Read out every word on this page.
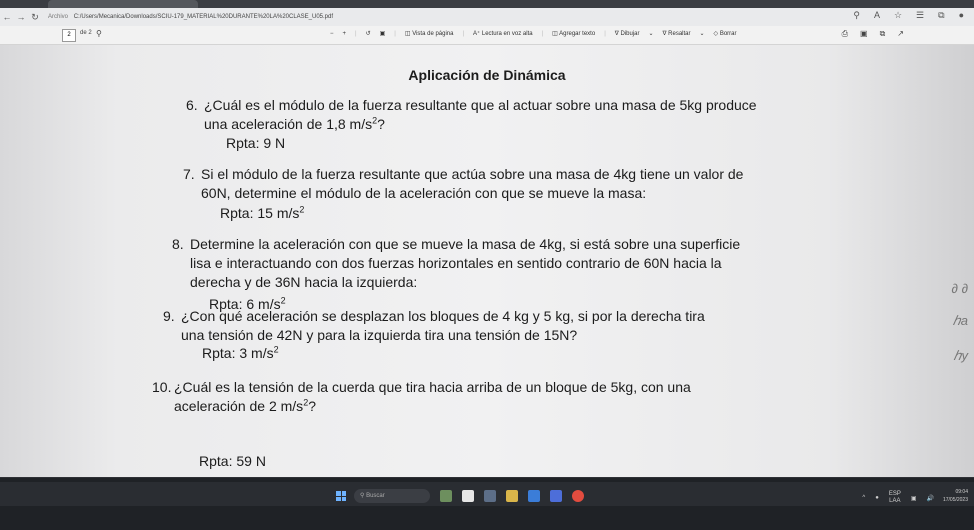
← → ↻	Archivo C:/Users/Mecanica/Downloads/SCIU-179_MATERIAL%20DURANTE%20LA%20CLASE_U05.pdf	⚲ A ☆ ☰ ⧉ ●
2	de 2 ⚲	− + | ↺ ▣ | ◫ Vista de página | A⁺ Lectura en voz alta | ◫ Agregar texto | ∇ Dibujar ⌄ ∇ Resaltar ⌄ ◇ Borrar	⎙ ▣ ⧉ ↗
Aplicación de Dinámica
6. ¿Cuál es el módulo de la fuerza resultante que al actuar sobre una masa de 5kg produce
una aceleración de 1,8 $m/s^2$?
Rpta: 9 N
7. Si el módulo de la fuerza resultante que actúa sobre una masa de 4kg tiene un valor de
60N, determine el módulo de la aceleración con que se mueve la masa:
Rpta: 15 $m/s^2$
8. Determine la aceleración con que se mueve la masa de 4kg, si está sobre una superficie
lisa e interactuando con dos fuerzas horizontales en sentido contrario de 60N hacia la
derecha y de 36N hacia la izquierda:
Rpta: 6 $m/s^2$
9. ¿Con qué aceleración se desplazan los bloques de 4 kg y 5 kg, si por la derecha tira
una tensión de 42N y para la izquierda tira una tensión de 15N?
Rpta: 3 $m/s^2$
10. ¿Cuál es la tensión de la cuerda que tira hacia arriba de un bloque de 5kg, con una
aceleración de 2 $m/s^2$?
Rpta: 59 N
∂ ∂
ℎa
ℎy
⚲ Buscar	^ ●
ESP
LAA ▣ 🔊
09:04
17/05/2023
